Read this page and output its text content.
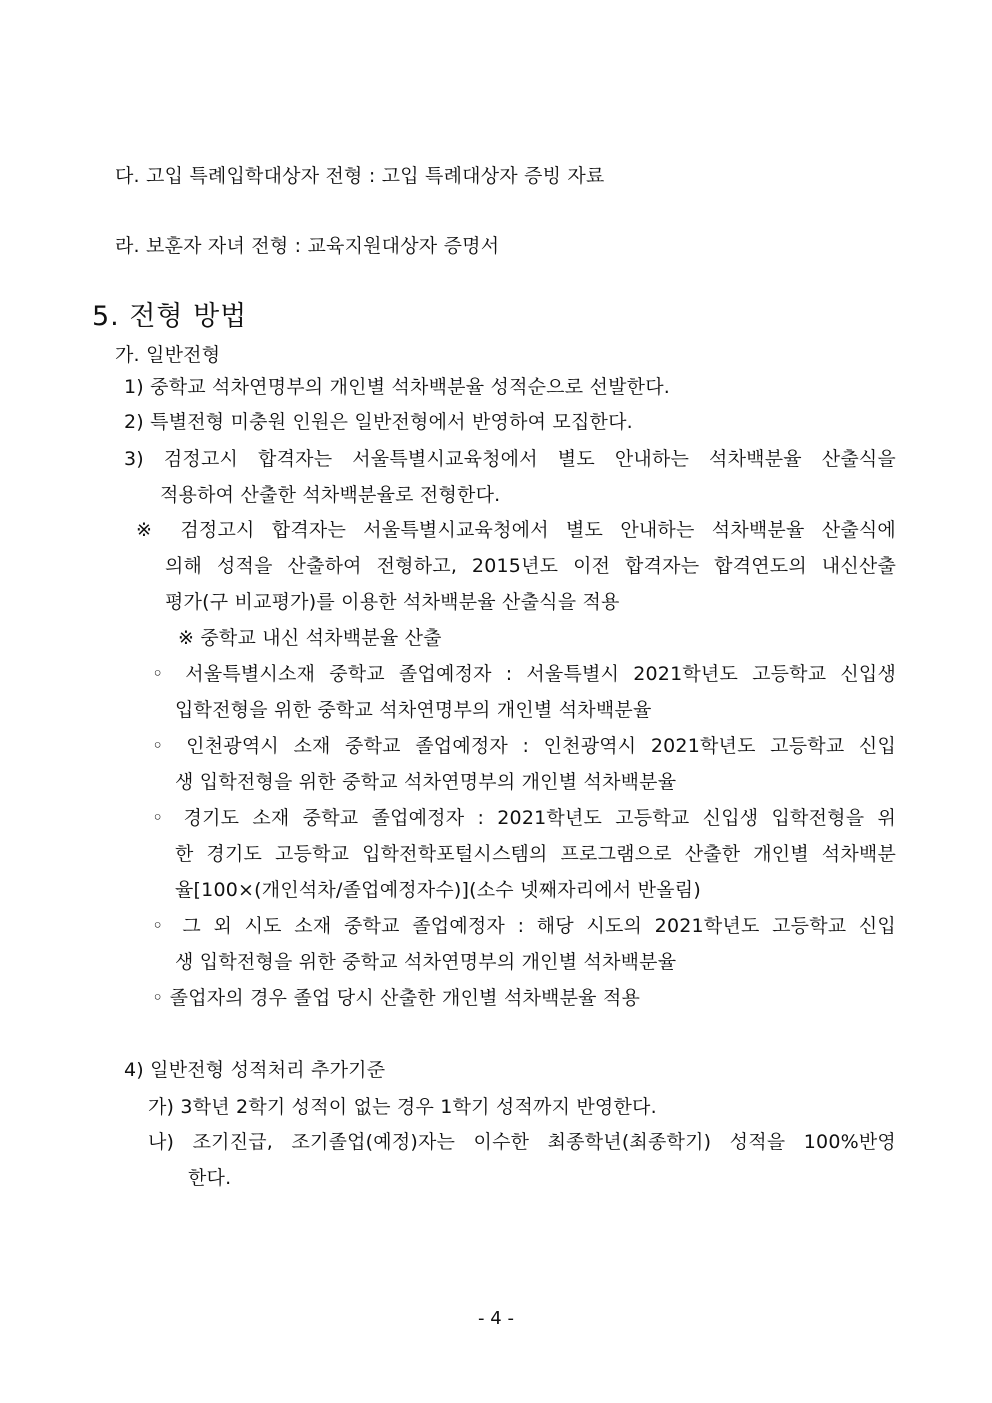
다. 고입 특례입학대상자 전형 : 고입 특례대상자 증빙 자료
라. 보훈자 자녀 전형 : 교육지원대상자 증명서
5. 전형 방법
가. 일반전형
1) 중학교 석차연명부의 개인별 석차백분율 성적순으로 선발한다.
2) 특별전형 미충원 인원은 일반전형에서 반영하여 모집한다.
3) 검정고시 합격자는 서울특별시교육청에서 별도 안내하는 석차백분율 산출식을
적용하여 산출한 석차백분율로 전형한다.
※ 검정고시 합격자는 서울특별시교육청에서 별도 안내하는 석차백분율 산출식에
의해 성적을 산출하여 전형하고, 2015년도 이전 합격자는 합격연도의 내신산출
평가(구 비교평가)를 이용한 석차백분율 산출식을 적용
※ 중학교 내신 석차백분율 산출
◦ 서울특별시소재 중학교 졸업예정자 : 서울특별시 2021학년도 고등학교 신입생
입학전형을 위한 중학교 석차연명부의 개인별 석차백분율
◦ 인천광역시 소재 중학교 졸업예정자 : 인천광역시 2021학년도 고등학교 신입
생 입학전형을 위한 중학교 석차연명부의 개인별 석차백분율
◦ 경기도 소재 중학교 졸업예정자 : 2021학년도 고등학교 신입생 입학전형을 위
한 경기도 고등학교 입학전학포털시스템의 프로그램으로 산출한 개인별 석차백분
율[100×(개인석차/졸업예정자수)](소수 넷째자리에서 반올림)
◦ 그 외 시도 소재 중학교 졸업예정자 : 해당 시도의 2021학년도 고등학교 신입
생 입학전형을 위한 중학교 석차연명부의 개인별 석차백분율
◦ 졸업자의 경우 졸업 당시 산출한 개인별 석차백분율 적용
4) 일반전형 성적처리 추가기준
가) 3학년 2학기 성적이 없는 경우 1학기 성적까지 반영한다.
나) 조기진급, 조기졸업(예정)자는 이수한 최종학년(최종학기) 성적을 100%반영
한다.
- 4 -
